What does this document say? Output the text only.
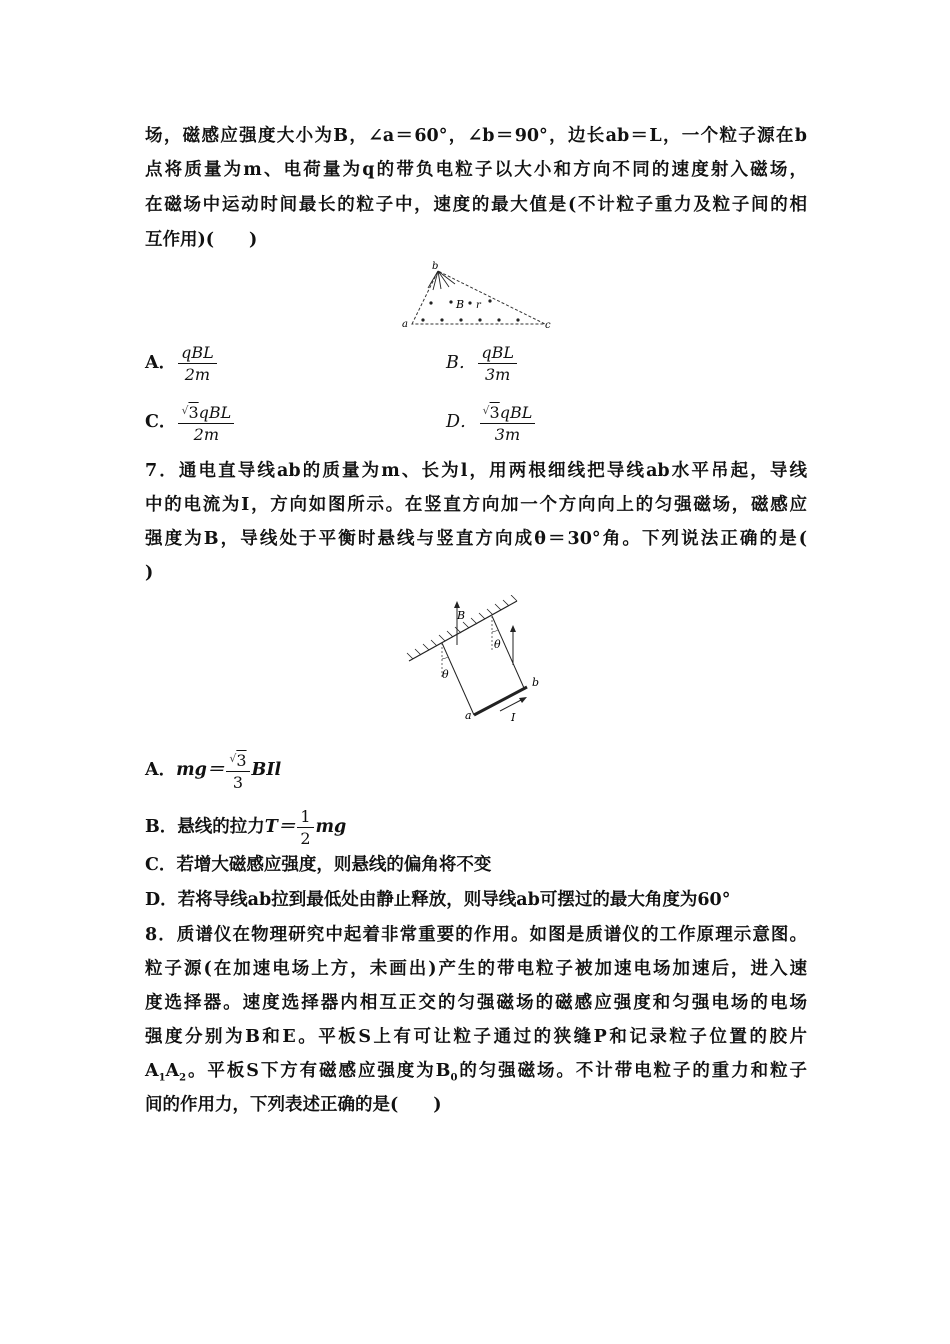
场，磁感应强度大小为B，∠a＝60°，∠b＝90°，边长ab＝L，一个粒子源在b
点将质量为m、电荷量为q的带负电粒子以大小和方向不同的速度射入磁场，
在磁场中运动时间最长的粒子中，速度的最大值是(不计粒子重力及粒子间的相
互作用)(　　)
b
a	c
B r
A． $\frac{\text{qBL}}{2m}$	B． $\frac{\text{qBL}}{3m}$
C． $\frac{^√3qBL}{2m}$	D． $\frac{^√3qBL}{3m}$
7．通电直导线ab的质量为m、长为l，用两根细线把导线ab水平吊起，导线
中的电流为I，方向如图所示。在竖直方向加一个方向向上的匀强磁场，磁感应
强度为B，导线处于平衡时悬线与竖直方向成θ＝30°角。下列说法正确的是(
)
B
θ
θ
a
b
I
A．$mg= \frac{^√3}{3}$ BIl
B．悬线的拉力$T= \frac{1}{2}$ mg
C．若增大磁感应强度，则悬线的偏角将不变
D．若将导线ab拉到最低处由静止释放，则导线ab可摆过的最大角度为60°
8．质谱仪在物理研究中起着非常重要的作用。如图是质谱仪的工作原理示意图。
粒子源(在加速电场上方，未画出)产生的带电粒子被加速电场加速后，进入速
度选择器。速度选择器内相互正交的匀强磁场的磁感应强度和匀强电场的电场
强度分别为B和E。平板S上有可让粒子通过的狭缝P和记录粒子位置的胶片
$A_1A_2$。平板S下方有磁感应强度为$B_0$的匀强磁场。不计带电粒子的重力和粒子
间的作用力，下列表述正确的是(　　)
